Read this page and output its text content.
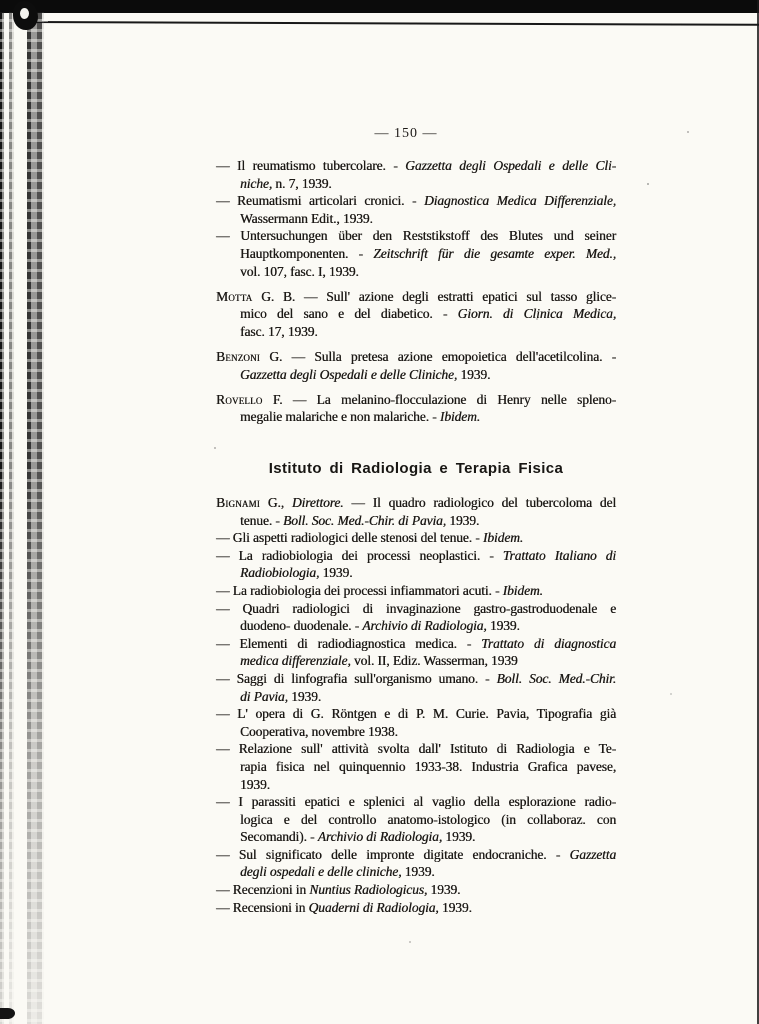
— 150 —
— Il reumatismo tubercolare. - Gazzetta degli Ospedali e delle Cli-
niche, n. 7, 1939.
— Reumatismi articolari cronici. - Diagnostica Medica Differenziale,
Wassermann Edit., 1939.
— Untersuchungen über den Reststikstoff des Blutes und seiner
Hauptkomponenten. - Zeitschrift für die gesamte exper. Med.,
vol. 107, fasc. I, 1939.
Motta G. B. — Sull' azione degli estratti epatici sul tasso glice-
mico del sano e del diabetico. - Giorn. di Clinica Medica,
fasc. 17, 1939.
Benzoni G. — Sulla pretesa azione emopoietica dell'acetilcolina. -
Gazzetta degli Ospedali e delle Cliniche, 1939.
Rovello F. — La melanino-flocculazione di Henry nelle spleno-
megalie malariche e non malariche. - Ibidem.
Istituto di Radiologia e Terapia Fisica
Bignami G., Direttore. — Il quadro radiologico del tubercoloma del
tenue. - Boll. Soc. Med.-Chir. di Pavia, 1939.
— Gli aspetti radiologici delle stenosi del tenue. - Ibidem.
— La radiobiologia dei processi neoplastici. - Trattato Italiano di
Radiobiologia, 1939.
— La radiobiologia dei processi infiammatori acuti. - Ibidem.
— Quadri radiologici di invaginazione gastro-gastroduodenale e
duodeno- duodenale. - Archivio di Radiologia, 1939.
— Elementi di radiodiagnostica medica. - Trattato di diagnostica
medica differenziale, vol. II, Ediz. Wasserman, 1939
— Saggi di linfografia sull'organismo umano. - Boll. Soc. Med.-Chir.
di Pavia, 1939.
— L' opera di G. Röntgen e di P. M. Curie. Pavia, Tipografia già
Cooperativa, novembre 1938.
— Relazione sull' attività svolta dall' Istituto di Radiologia e Te-
rapia fisica nel quinquennio 1933-38. Industria Grafica pavese,
1939.
— I parassiti epatici e splenici al vaglio della esplorazione radio-
logica e del controllo anatomo-istologico (in collaboraz. con
Secomandi). - Archivio di Radiologia, 1939.
— Sul significato delle impronte digitate endocraniche. - Gazzetta
degli ospedali e delle cliniche, 1939.
— Recenzioni in Nuntius Radiologicus, 1939.
— Recensioni in Quaderni di Radiologia, 1939.
